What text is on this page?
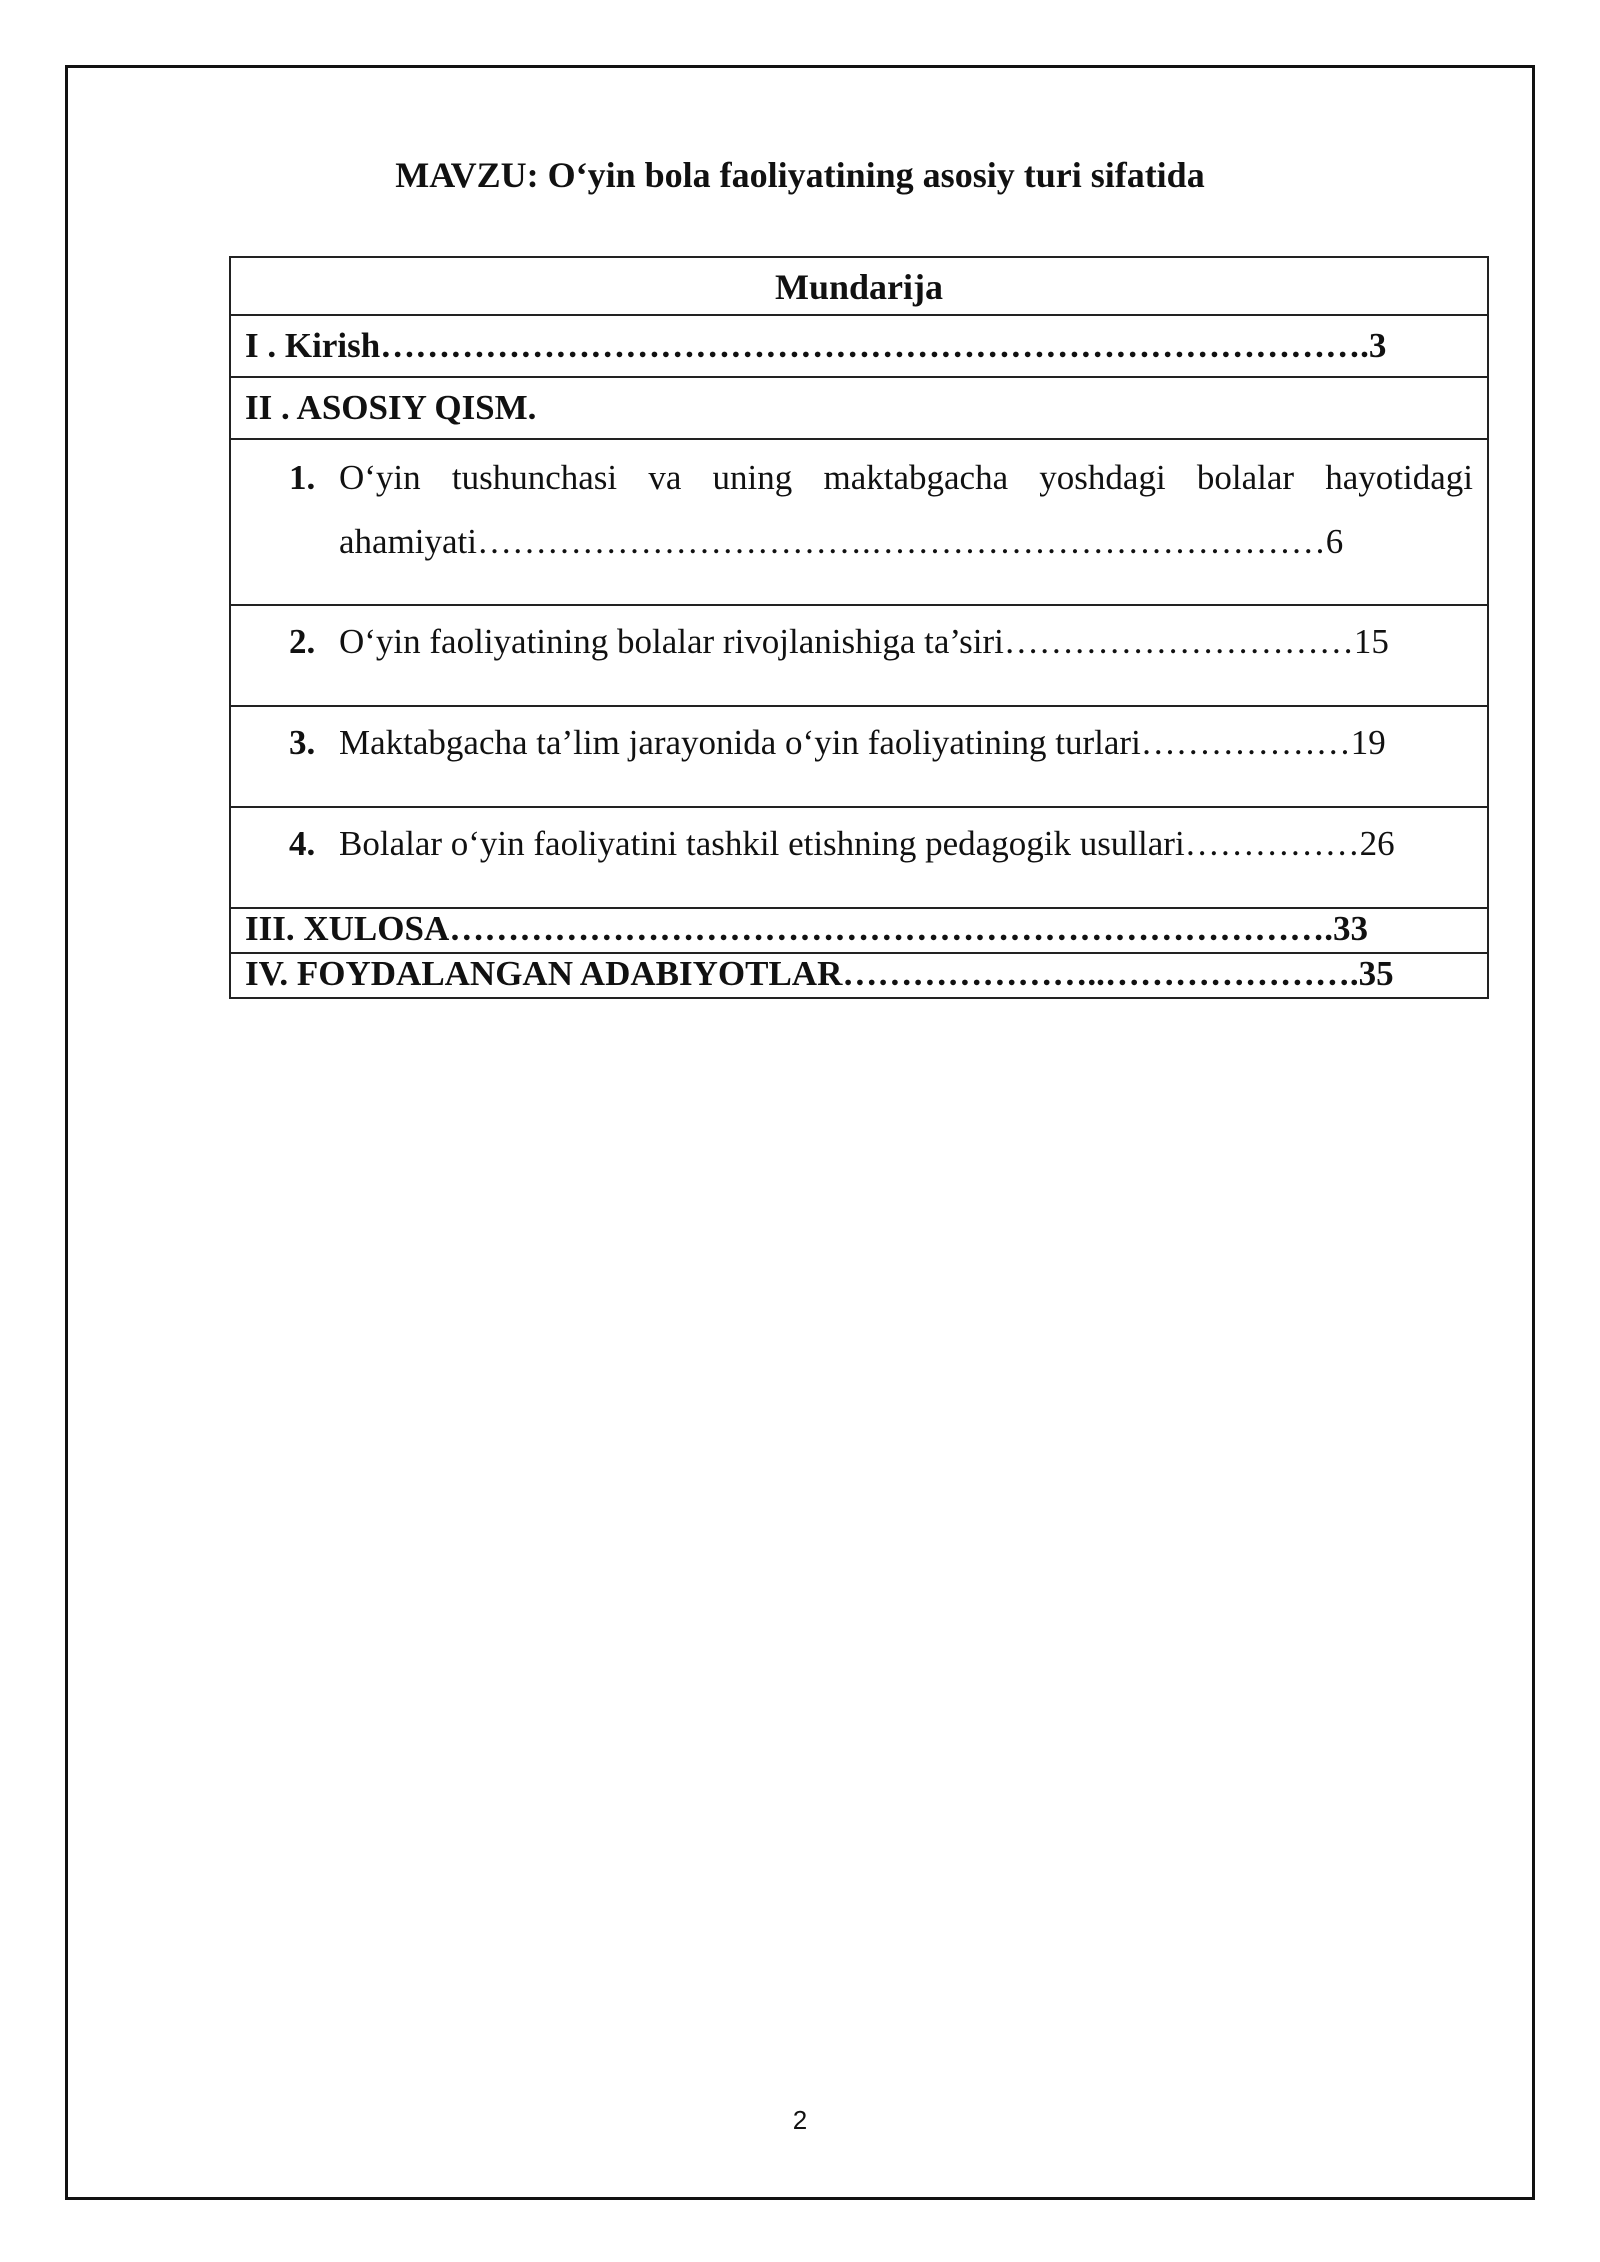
MAVZU: O‘yin bola faoliyatining asosiy turi sifatida
Mundarija
I . Kirish………………………………………………………………………….3
II . ASOSIY QISM.

1. O‘yin tushunchasi va uning maktabgacha yoshdagi bolalar hayotidagi ahamiyati…………………………….…………………………………6

2. O‘yin faoliyatining bolalar rivojlanishiga ta’siri…………………………15

3. Maktabgacha ta’lim jarayonida o‘yin faoliyatining turlari………………19

4. Bolalar o‘yin faoliyatini tashkil etishning pedagogik usullari……………26

III. XULOSA………………………………………………………………….33
IV. FOYDALANGAN ADABIYOTLAR…………………..………………….35
2
